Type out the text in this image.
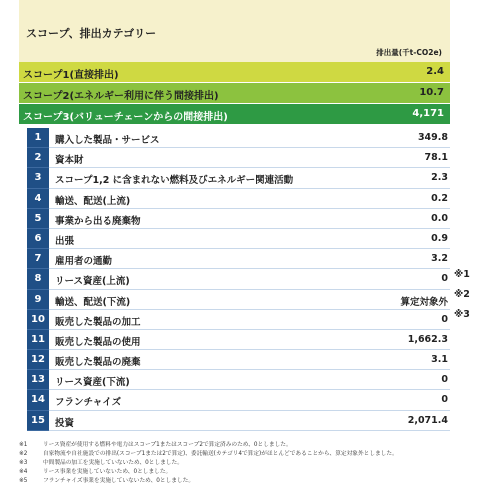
スコープ、排出カテゴリー
排出量(千t-CO2e)
スコープ1(直接排出)	2.4
スコープ2(エネルギー利用に伴う間接排出)	10.7
スコープ3(バリューチェーンからの間接排出)	4,171
1	購入した製品・サービス	349.8
2	資本財	78.1
3	スコープ1,2 に含まれない燃料及びエネルギー関連活動	2.3
4	輸送、配送(上流)	0.2
5	事業から出る廃棄物	0.0
6	出張	0.9
7	雇用者の通勤	3.2
8	リース資産(上流)	0
9	輸送、配送(下流)	算定対象外
10	販売した製品の加工	0
11	販売した製品の使用	1,662.3
12	販売した製品の廃棄	3.1
13	リース資産(下流)	0
14	フランチャイズ	0
15	投資	2,071.4
※1
※2
※3
※1	リース資産が使用する燃料や電力はスコープ1またはスコープ2で算定済みのため、0としました。
※2	自家物流や自社施設での排出(スコープ1または2で算定)、委託輸送(カテゴリ4で算定)がほとんどであることから、算定対象外としました。
※3	中間製品の加工を実施していないため、0としました。
※4	リース事業を実施していないため、0としました。
※5	フランチャイズ事業を実施していないため、0としました。
